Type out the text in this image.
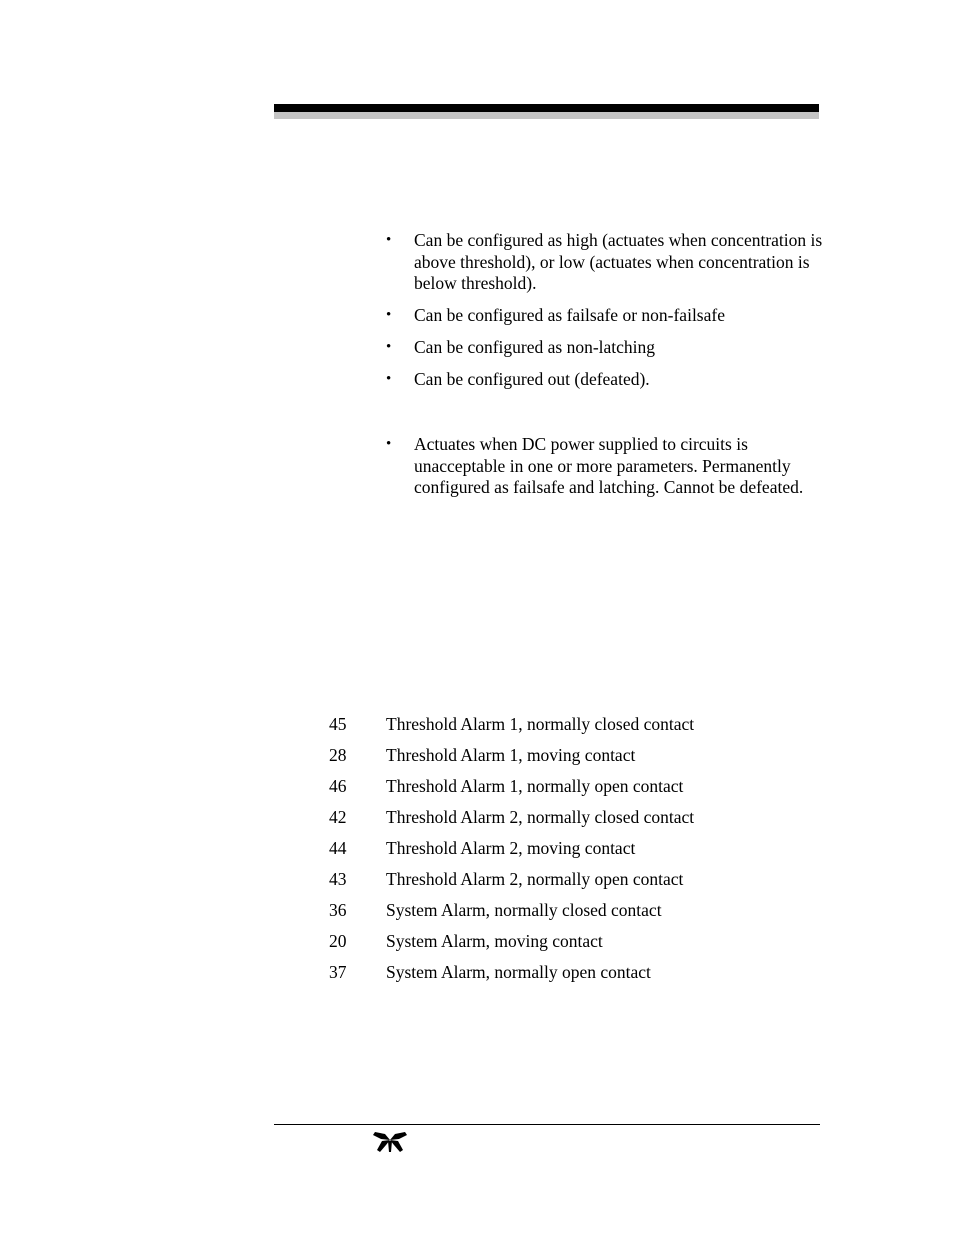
• Can be configured as high (actuates when concentration is above threshold), or low (actuates when concentration is below threshold).
• Can be configured as failsafe or non-failsafe
• Can be configured as non-latching
• Can be configured out (defeated).
• Actuates when DC power supplied to circuits is unacceptable in one or more parameters. Permanently configured as failsafe and latching. Cannot be defeated.
45	Threshold Alarm 1, normally closed contact
28	Threshold Alarm 1, moving contact
46	Threshold Alarm 1, normally open contact
42	Threshold Alarm 2, normally closed contact
44	Threshold Alarm 2, moving contact
43	Threshold Alarm 2, normally open contact
36	System Alarm, normally closed contact
20	System Alarm, moving contact
37	System Alarm, normally open contact
